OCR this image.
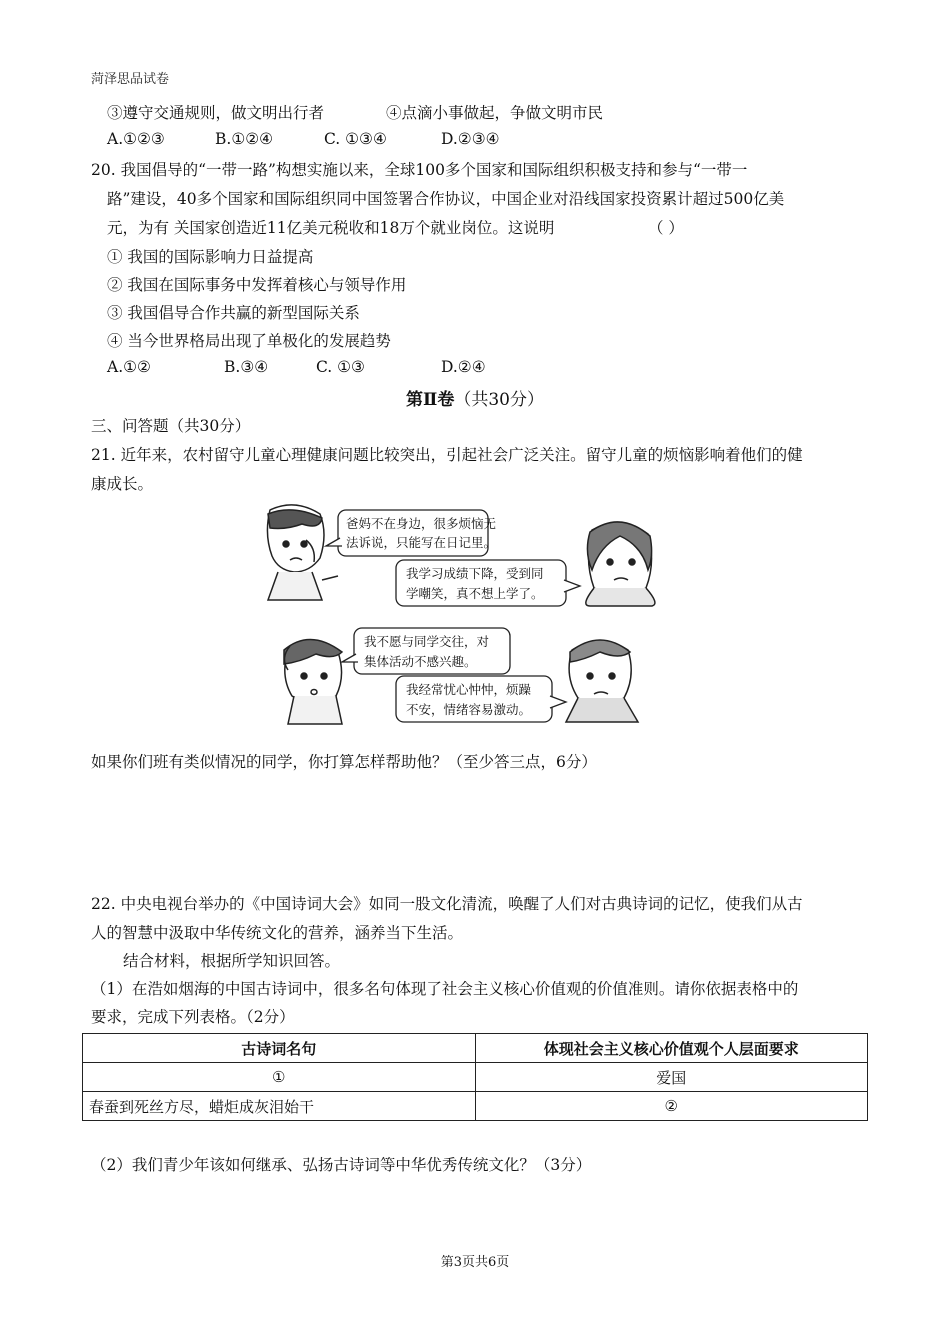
菏泽思品试卷
③遵守交通规则，做文明出行者	④点滴小事做起，争做文明市民
A.①②③	B.①②④	C. ①③④	D.②③④
20. 我国倡导的“一带一路”构想实施以来，全球100多个国家和国际组织积极支持和参与“一带一
路”建设，40多个国家和国际组织同中国签署合作协议，中国企业对沿线国家投资累计超过500亿美
元，为有 关国家创造近11亿美元税收和18万个就业岗位。这说明	（ ）
① 我国的国际影响力日益提高
② 我国在国际事务中发挥着核心与领导作用
③ 我国倡导合作共赢的新型国际关系
④ 当今世界格局出现了单极化的发展趋势
A.①②	B.③④	C. ①③	D.②④
第Ⅱ卷（共30分）
三、问答题（共30分）
21. 近年来，农村留守儿童心理健康问题比较突出，引起社会广泛关注。留守儿童的烦恼影响着他们的健
康成长。
爸妈不在身边，很多烦恼无
法诉说，只能写在日记里。
我学习成绩下降，受到同
学嘲笑，真不想上学了。
我不愿与同学交往，对
集体活动不感兴趣。
我经常忧心忡忡，烦躁
不安，情绪容易激动。
如果你们班有类似情况的同学，你打算怎样帮助他？（至少答三点，6分）
22. 中央电视台举办的《中国诗词大会》如同一股文化清流，唤醒了人们对古典诗词的记忆，使我们从古
人的智慧中汲取中华传统文化的营养，涵养当下生活。
结合材料，根据所学知识回答。
（1）在浩如烟海的中国古诗词中，很多名句体现了社会主义核心价值观的价值准则。请你依据表格中的
要求，完成下列表格。（2分）
古诗词名句	体现社会主义核心价值观个人层面要求
①	爱国
春蚕到死丝方尽，蜡炬成灰泪始干	②
（2）我们青少年该如何继承、弘扬古诗词等中华优秀传统文化？（3分）
第3页共6页
